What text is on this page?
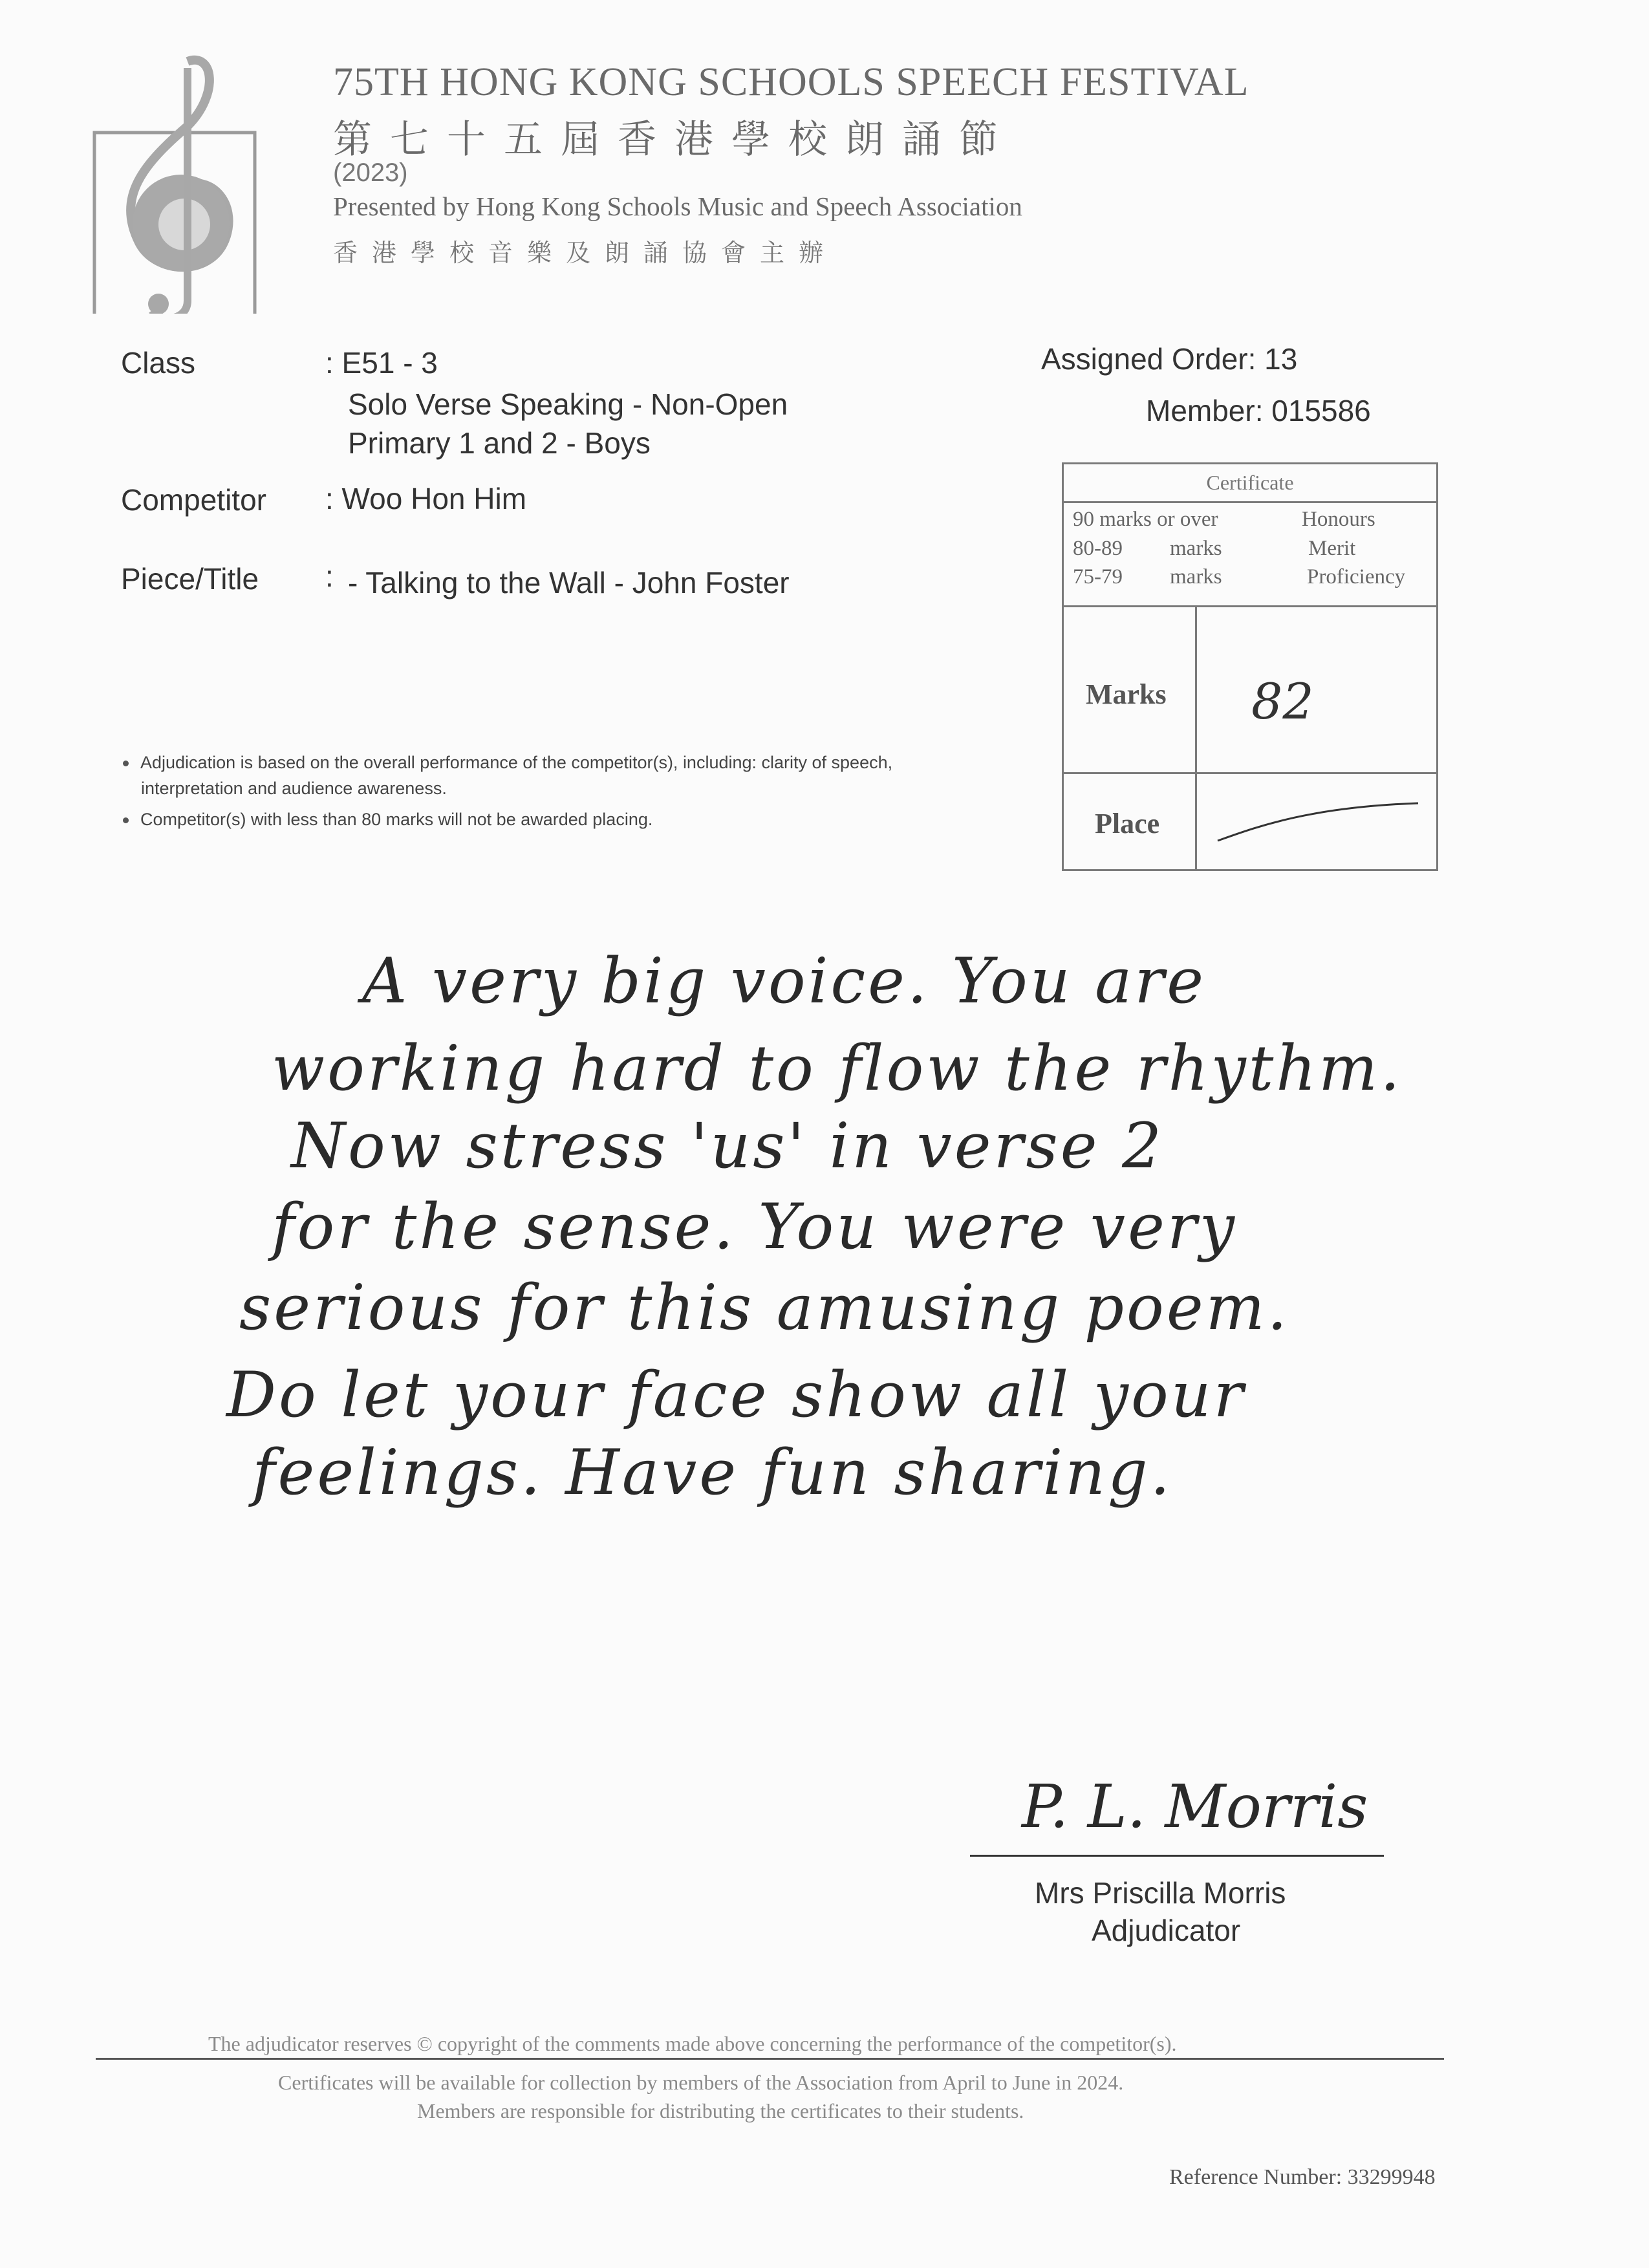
75TH HONG KONG SCHOOLS SPEECH FESTIVAL
第七十五屆香港學校朗誦節
(2023)
Presented by Hong Kong Schools Music and Speech Association
香港學校音樂及朗誦協會主辦
Class	: E51 - 3
Solo Verse Speaking - Non-Open
Primary 1 and 2 - Boys
Competitor : Woo Hon Him
Piece/Title : - Talking to the Wall - John Foster
Assigned Order: 13
Member: 015586
Certificate
90 marks or over	Honours
80-89 marks	Merit
75-79 marks	Proficiency
Marks 82
Place
Adjudication is based on the overall performance of the competitor(s), including: clarity of speech,
interpretation and audience awareness.
Competitor(s) with less than 80 marks will not be awarded placing.
A very big voice. You are
working hard to flow the rhythm.
Now stress 'us' in verse 2
for the sense. You were very
serious for this amusing poem.
Do let your face show all your
feelings. Have fun sharing.
P. L. Morris
Mrs Priscilla Morris
Adjudicator
The adjudicator reserves © copyright of the comments made above concerning the performance of the competitor(s).
Certificates will be available for collection by members of the Association from April to June in 2024.
Members are responsible for distributing the certificates to their students.
Reference Number: 33299948
